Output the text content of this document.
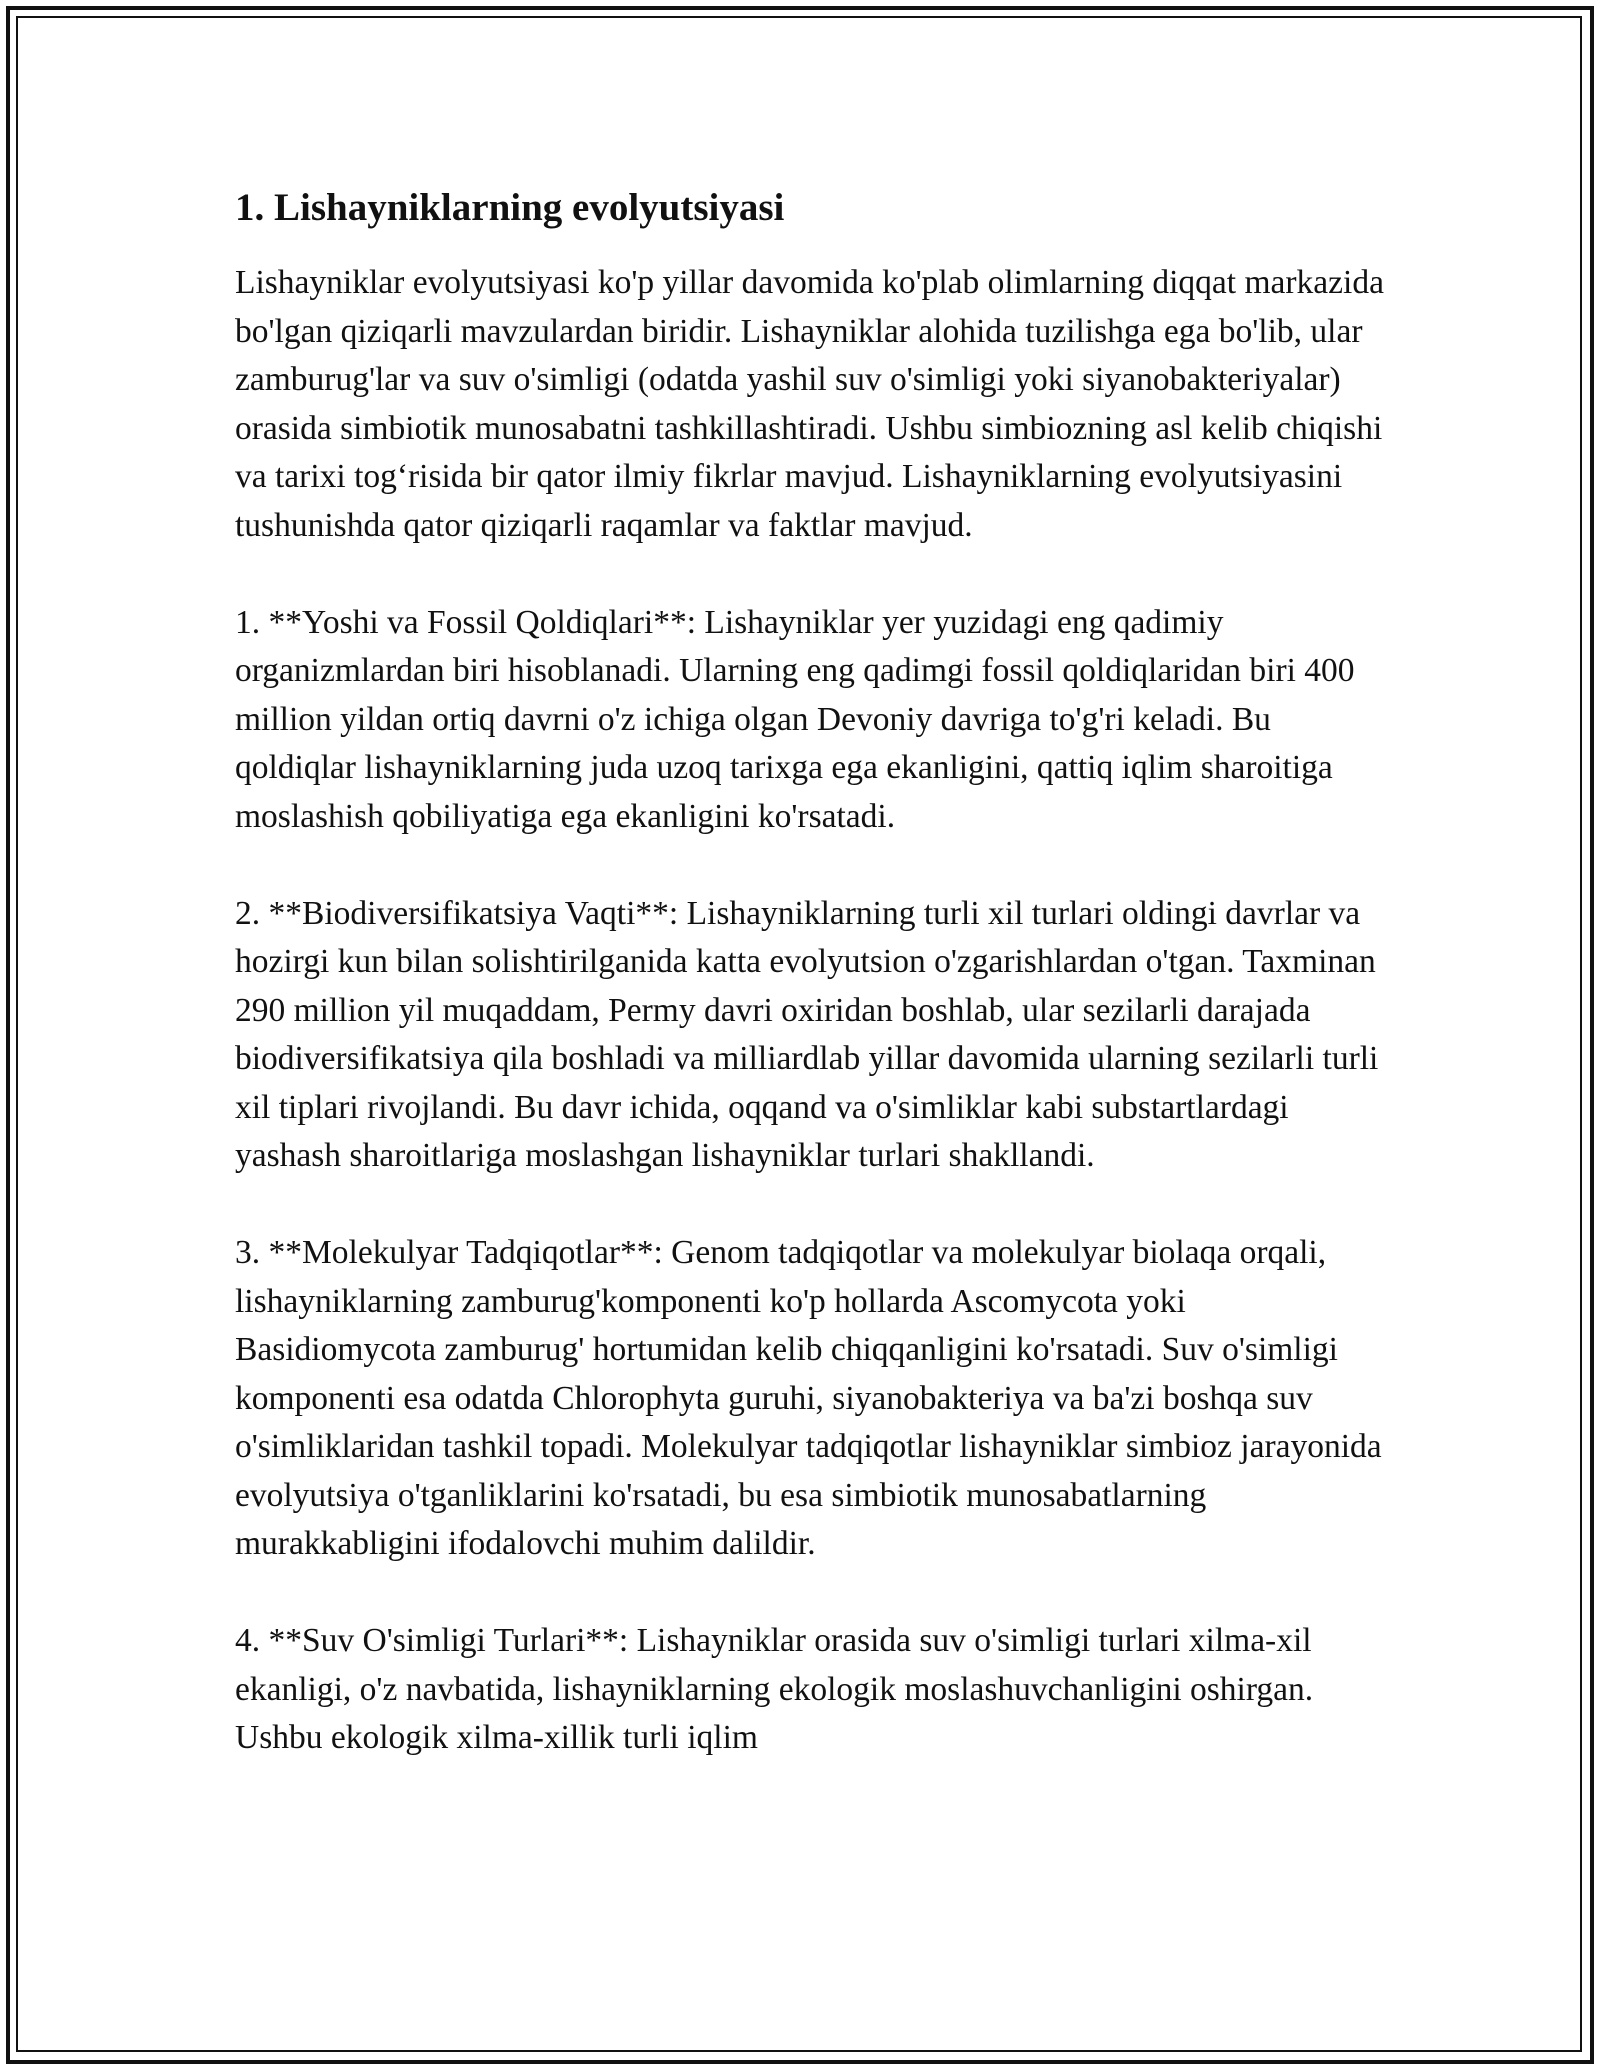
1. Lishayniklarning evolyutsiyasi

Lishayniklar evolyutsiyasi ko'p yillar davomida ko'plab olimlarning diqqat markazida bo'lgan qiziqarli mavzulardan biridir. Lishayniklar alohida tuzilishga ega bo'lib, ular zamburug'lar va suv o'simligi (odatda yashil suv o'simligi yoki siyanobakteriyalar) orasida simbiotik munosabatni tashkillashtiradi. Ushbu simbiozning asl kelib chiqishi va tarixi tog‘risida bir qator ilmiy fikrlar mavjud. Lishayniklarning evolyutsiyasini tushunishda qator qiziqarli raqamlar va faktlar mavjud.

1. **Yoshi va Fossil Qoldiqlari**: Lishayniklar yer yuzidagi eng qadimiy organizmlardan biri hisoblanadi. Ularning eng qadimgi fossil qoldiqlaridan biri 400 million yildan ortiq davrni o'z ichiga olgan Devoniy davriga to'g'ri keladi. Bu qoldiqlar lishayniklarning juda uzoq tarixga ega ekanligini, qattiq iqlim sharoitiga moslashish qobiliyatiga ega ekanligini ko'rsatadi.

2. **Biodiversifikatsiya Vaqti**: Lishayniklarning turli xil turlari oldingi davrlar va hozirgi kun bilan solishtirilganida katta evolyutsion o'zgarishlardan o'tgan. Taxminan 290 million yil muqaddam, Permy davri oxiridan boshlab, ular sezilarli darajada biodiversifikatsiya qila boshladi va milliardlab yillar davomida ularning sezilarli turli xil tiplari rivojlandi. Bu davr ichida, oqqand va o'simliklar kabi substartlardagi yashash sharoitlariga moslashgan lishayniklar turlari shakllandi.

3. **Molekulyar Tadqiqotlar**: Genom tadqiqotlar va molekulyar biolaqa orqali, lishayniklarning zamburug'komponenti ko'p hollarda Ascomycota yoki Basidiomycota zamburug' hortumidan kelib chiqqanligini ko'rsatadi. Suv o'simligi komponenti esa odatda Chlorophyta guruhi, siyanobakteriya va ba'zi boshqa suv o'simliklaridan tashkil topadi. Molekulyar tadqiqotlar lishayniklar simbioz jarayonida evolyutsiya o'tganliklarini ko'rsatadi, bu esa simbiotik munosabatlarning murakkabligini ifodalovchi muhim dalildir.

4. **Suv O'simligi Turlari**: Lishayniklar orasida suv o'simligi turlari xilma-xil ekanligi, o'z navbatida, lishayniklarning ekologik moslashuvchanligini oshirgan. Ushbu ekologik xilma-xillik turli iqlim
